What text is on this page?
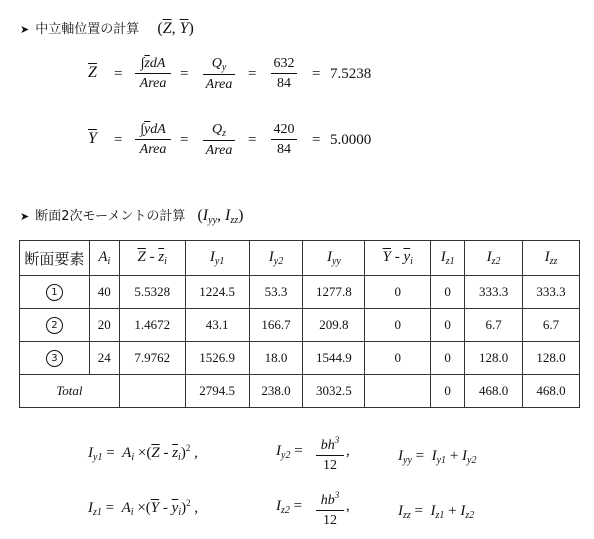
➤ 中立軸位置の計算 ($\overline{Z}$, $\overline{Y}$)
$\overline{Z}$ =
$\int\overline{z}dA$
Area
=
$Q_y$
Area
= $\frac{632}{84} = 7.5238$
$\overline{Y}$ =
$\int\overline{y}dA$
Area
=
$Q_z$
Area
= $\frac{420}{84} = 5.0000$
➤ 断面2次モーメントの計算 ($I_{yy}$, $I_{zz}$)
断面要素	$A_i$	$\overline{Z} - \overline{z}_i$	$I_{y1}$	$I_{y2}$	$I_{yy}$	$\overline{Y} - \overline{y}_i$	$I_{z1}$	$I_{z2}$	$I_{zz}$
1	40	5.5328	1224.5	53.3	1277.8	0	0	333.3	333.3
2	20	1.4672	43.1	166.7	209.8	0	0	6.7	6.7
3	24	7.9762	1526.9	18.0	1544.9	0	0	128.0	128.0
Total			2794.5	238.0	3032.5		0	468.0	468.0
$I_{y1} = A_i \times(\overline{Z} - \overline{z}_i)^2$ ,	$I_{y2} = \frac{bh^3}{12}$ ,	$I_{yy} = I_{y1} + I_{y2}$
$I_{z1} = A_i \times(\overline{Y} - \overline{y}_i)^2$ ,	$I_{z2} = \frac{hb^3}{12}$ ,	$I_{zz} = I_{z1} + I_{z2}$
